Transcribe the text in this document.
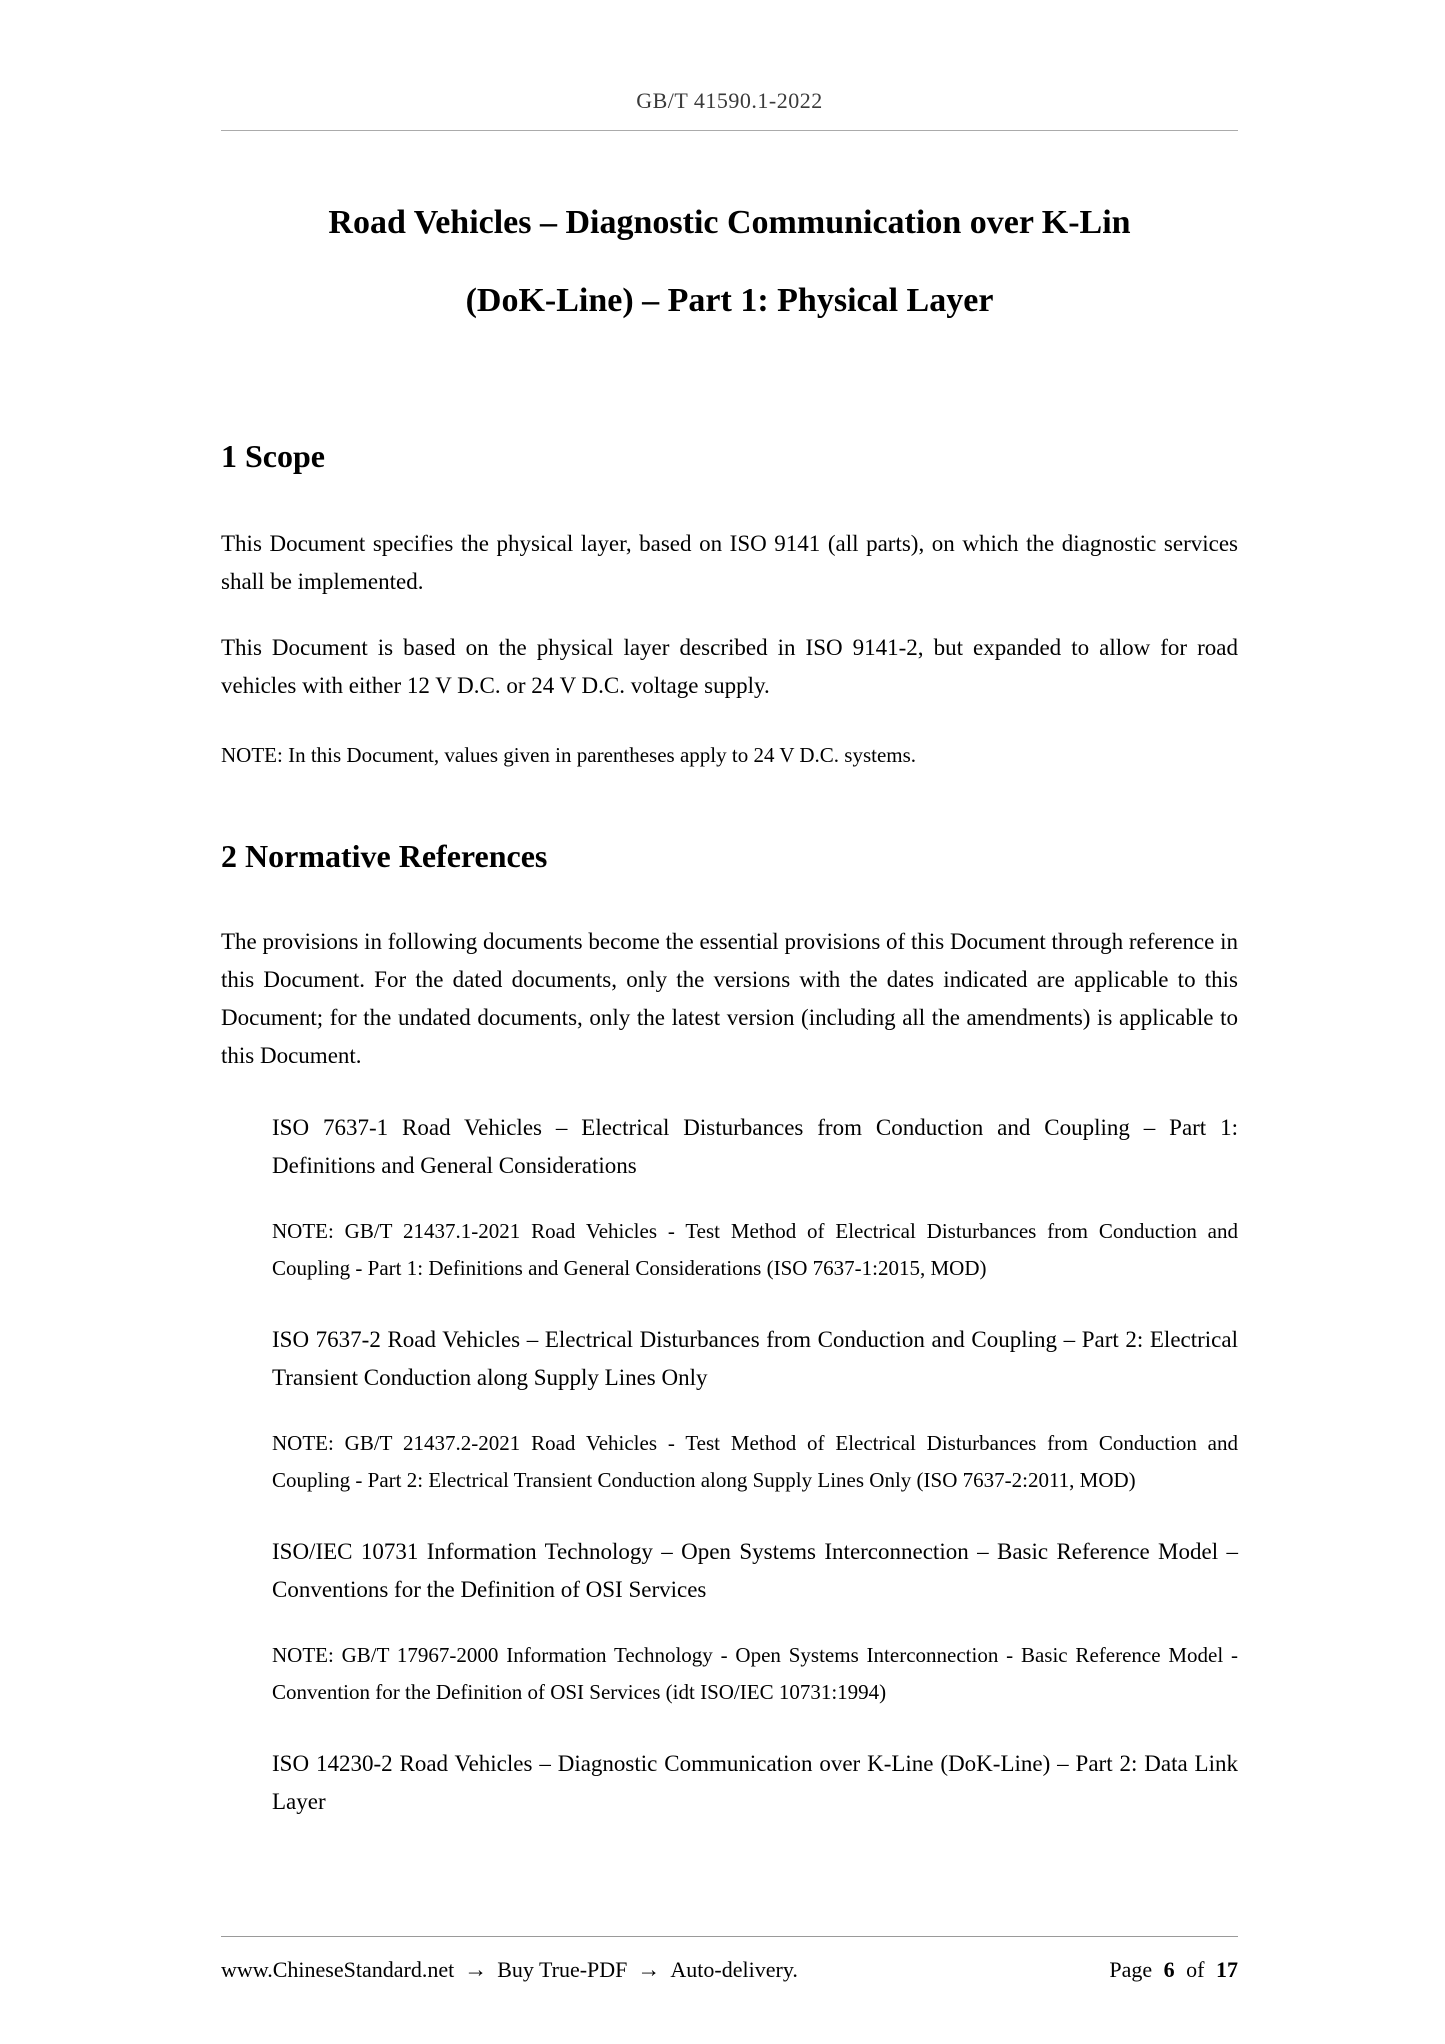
GB/T 41590.1-2022
Road Vehicles – Diagnostic Communication over K-Lin
(DoK-Line) – Part 1: Physical Layer
1 Scope

This Document specifies the physical layer, based on ISO 9141 (all parts), on which the diagnostic services shall be implemented.

This Document is based on the physical layer described in ISO 9141-2, but expanded to allow for road vehicles with either 12 V D.C. or 24 V D.C. voltage supply.

NOTE: In this Document, values given in parentheses apply to 24 V D.C. systems.

2 Normative References

The provisions in following documents become the essential provisions of this Document through reference in this Document. For the dated documents, only the versions with the dates indicated are applicable to this Document; for the undated documents, only the latest version (including all the amendments) is applicable to this Document.

ISO 7637-1 Road Vehicles – Electrical Disturbances from Conduction and Coupling – Part 1: Definitions and General Considerations

NOTE: GB/T 21437.1-2021 Road Vehicles - Test Method of Electrical Disturbances from Conduction and Coupling - Part 1: Definitions and General Considerations (ISO 7637-1:2015, MOD)

ISO 7637-2 Road Vehicles – Electrical Disturbances from Conduction and Coupling – Part 2: Electrical Transient Conduction along Supply Lines Only

NOTE: GB/T 21437.2-2021 Road Vehicles - Test Method of Electrical Disturbances from Conduction and Coupling - Part 2: Electrical Transient Conduction along Supply Lines Only (ISO 7637-2:2011, MOD)

ISO/IEC 10731 Information Technology – Open Systems Interconnection – Basic Reference Model – Conventions for the Definition of OSI Services

NOTE: GB/T 17967-2000 Information Technology - Open Systems Interconnection - Basic Reference Model - Convention for the Definition of OSI Services (idt ISO/IEC 10731:1994)

ISO 14230-2 Road Vehicles – Diagnostic Communication over K-Line (DoK-Line) – Part 2: Data Link Layer

www.ChineseStandard.net → Buy True-PDF → Auto-delivery.	Page 6 of 17
